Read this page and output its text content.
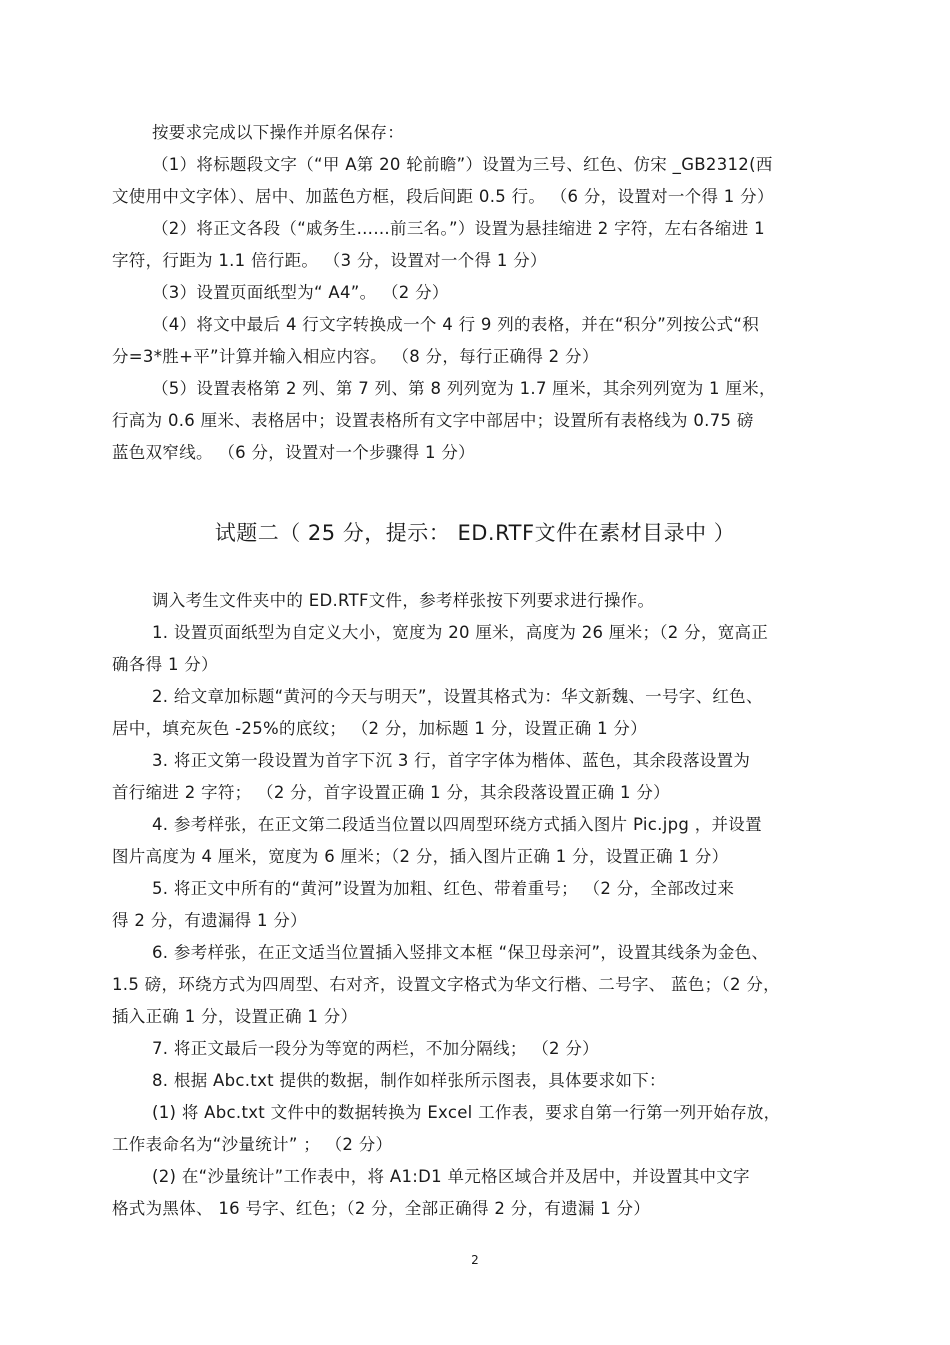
按要求完成以下操作并原名保存：
（1）将标题段文字（“甲 A第 20 轮前瞻”）设置为三号、红色、仿宋 _GB2312(西
文使用中文字体）、居中、加蓝色方框，段后间距 0.5 行。 （6 分，设置对一个得 1 分）
（2）将正文各段（“戚务生……前三名。”）设置为悬挂缩进 2 字符，左右各缩进 1
字符，行距为 1.1 倍行距。 （3 分，设置对一个得 1 分）
（3）设置页面纸型为“ A4”。 （2 分）
（4）将文中最后 4 行文字转换成一个 4 行 9 列的表格，并在“积分”列按公式“积
分=3*胜+平”计算并输入相应内容。 （8 分，每行正确得 2 分）
（5）设置表格第 2 列、第 7 列、第 8 列列宽为 1.7 厘米，其余列列宽为 1 厘米，
行高为 0.6 厘米、表格居中；设置表格所有文字中部居中；设置所有表格线为 0.75 磅
蓝色双窄线。 （6 分，设置对一个步骤得 1 分）
试题二（ 25 分，提示： ED.RTF文件在素材目录中 ）
调入考生文件夹中的 ED.RTF文件，参考样张按下列要求进行操作。
1. 设置页面纸型为自定义大小，宽度为 20 厘米，高度为 26 厘米；（2 分，宽高正
确各得 1 分）
2. 给文章加标题“黄河的今天与明天”，设置其格式为：华文新魏、一号字、红色、
居中，填充灰色 -25%的底纹； （2 分，加标题 1 分，设置正确 1 分）
3. 将正文第一段设置为首字下沉 3 行，首字字体为楷体、蓝色，其余段落设置为
首行缩进 2 字符； （2 分，首字设置正确 1 分，其余段落设置正确 1 分）
4. 参考样张，在正文第二段适当位置以四周型环绕方式插入图片 Pic.jpg ，并设置
图片高度为 4 厘米，宽度为 6 厘米；（2 分，插入图片正确 1 分，设置正确 1 分）
5. 将正文中所有的“黄河”设置为加粗、红色、带着重号； （2 分，全部改过来
得 2 分，有遗漏得 1 分）
6. 参考样张，在正文适当位置插入竖排文本框 “保卫母亲河”，设置其线条为金色、
1.5 磅，环绕方式为四周型、右对齐，设置文字格式为华文行楷、二号字、 蓝色；（2 分，
插入正确 1 分，设置正确 1 分）
7. 将正文最后一段分为等宽的两栏，不加分隔线； （2 分）
8. 根据 Abc.txt 提供的数据，制作如样张所示图表，具体要求如下：
(1) 将 Abc.txt 文件中的数据转换为 Excel 工作表，要求自第一行第一列开始存放，
工作表命名为“沙量统计” ； （2 分）
(2) 在“沙量统计”工作表中，将 A1:D1 单元格区域合并及居中，并设置其中文字
格式为黑体、 16 号字、红色；（2 分，全部正确得 2 分，有遗漏 1 分）
2
